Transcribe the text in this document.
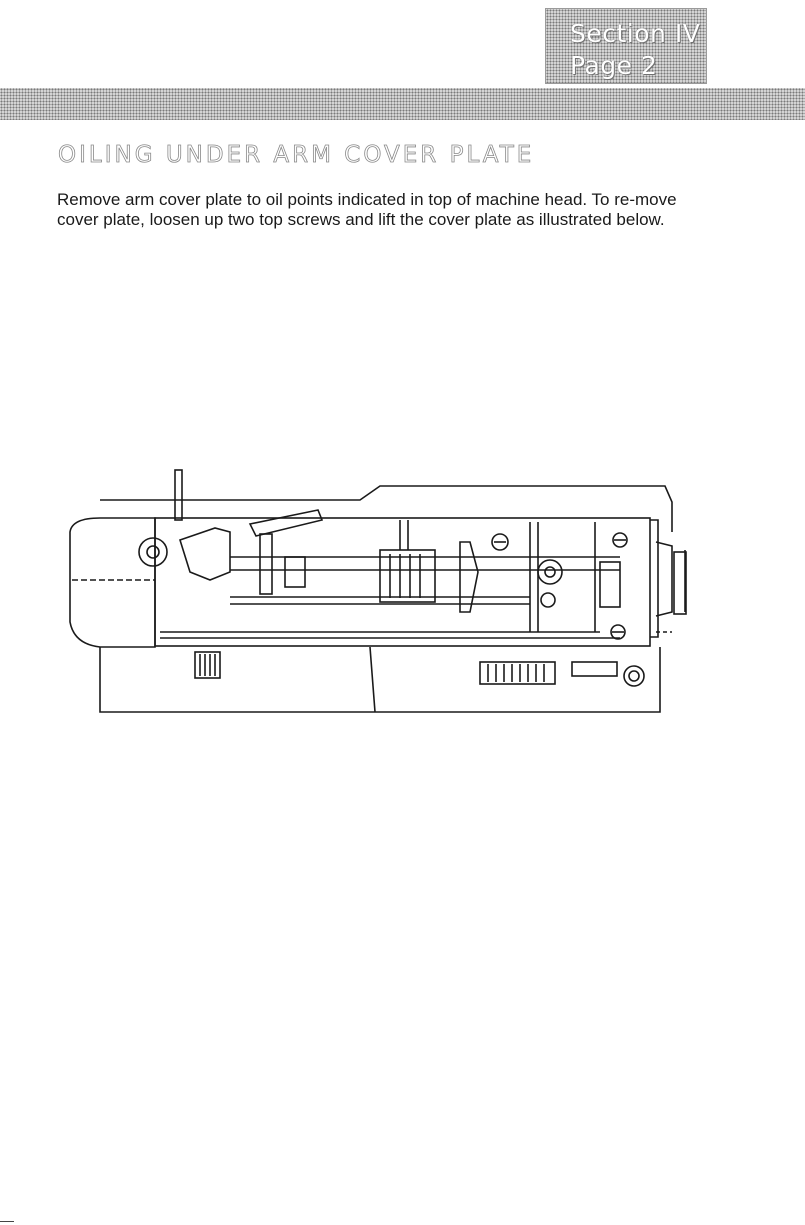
Section IV
Page 2
OILING UNDER ARM COVER PLATE

Remove arm cover plate to oil points indicated in top of machine head. To re-move cover plate, loosen up two top screws and lift the cover plate as illustrated below.
